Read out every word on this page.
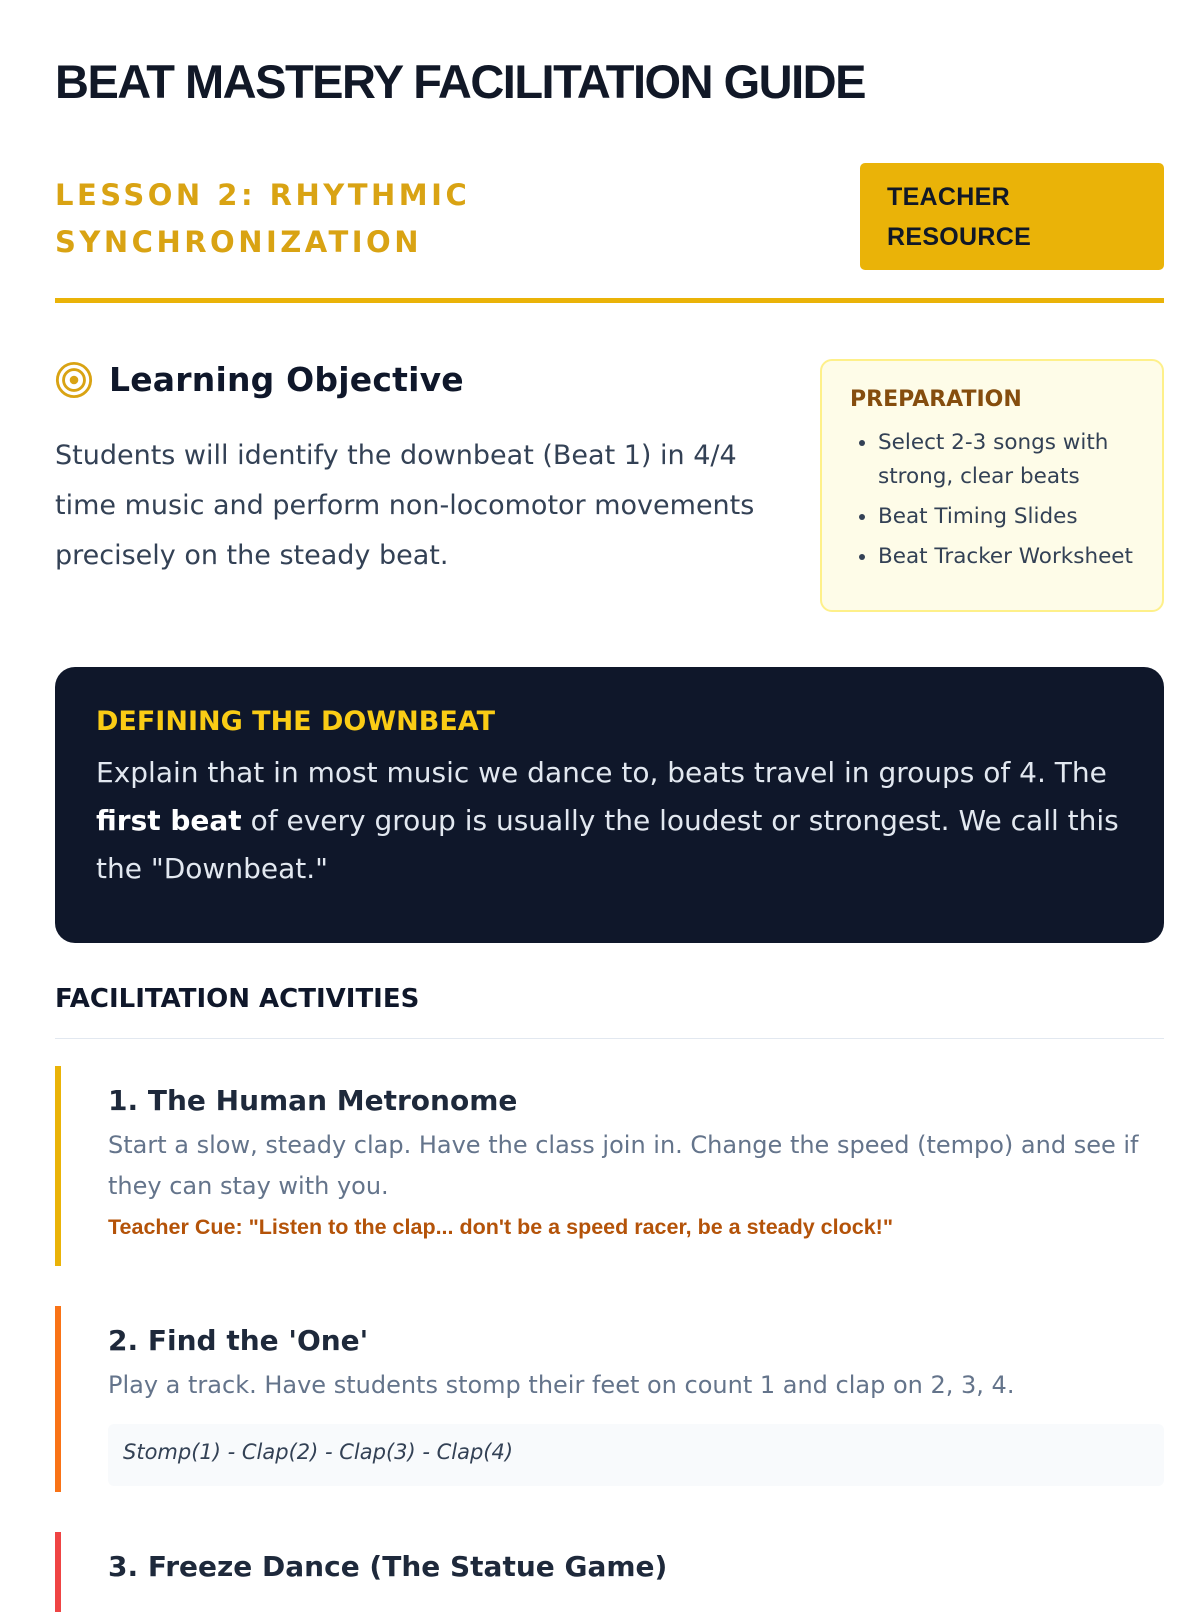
BEAT MASTERY FACILITATION GUIDE
LESSON 2: RHYTHMIC SYNCHRONIZATION
TEACHER RESOURCE
Learning Objective

Students will identify the downbeat (Beat 1) in 4/4 time music and perform non-locomotor movements precisely on the steady beat.

PREPARATION
• Select 2-3 songs with strong, clear beats
• Beat Timing Slides
• Beat Tracker Worksheet
DEFINING THE DOWNBEAT

Explain that in most music we dance to, beats travel in groups of 4. The first beat of every group is usually the loudest or strongest. We call this the "Downbeat."

FACILITATION ACTIVITIES
1. The Human Metronome

Start a slow, steady clap. Have the class join in. Change the speed (tempo) and see if they can stay with you.

Teacher Cue: "Listen to the clap... don't be a speed racer, be a steady clock!"
2. Find the 'One'

Play a track. Have students stomp their feet on count 1 and clap on 2, 3, 4.

Stomp(1) - Clap(2) - Clap(3) - Clap(4)
3. Freeze Dance (The Statue Game)
